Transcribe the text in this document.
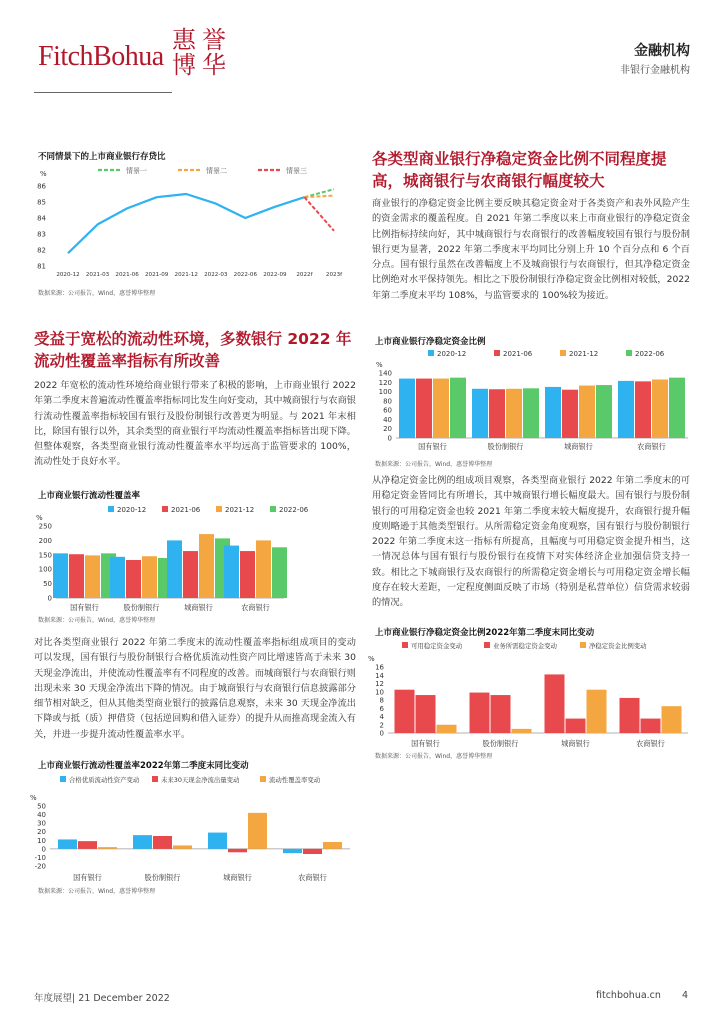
FitchBohua
惠誉博华	金融机构
非银行金融机构
不同情景下的上市商业银行存贷比
%
81
82
83
84
85
86
2020-12 2021-03 2021-06 2021-09 2021-12 2022-03 2022-06 2022-09 2022f 2023f
情景一	情景二	情景三
数据来源：公司报告，Wind，惠誉博华整理
受益于宽松的流动性环境，多数银行 2022 年流动性覆盖率指标有所改善
2022 年宽松的流动性环境给商业银行带来了积极的影响，上市商业银行 2022 年第二季度末普遍流动性覆盖率指标同比发生向好变动，其中城商银行与农商银行流动性覆盖率指标较国有银行及股份制银行改善更为明显。与 2021 年末相比，除国有银行以外，其余类型的商业银行平均流动性覆盖率指标皆出现下降。但整体观察，各类型商业银行流动性覆盖率水平均远高于监管要求的 100%，流动性处于良好水平。
上市商业银行流动性覆盖率
%
0
50
100
150
200
250
国有银行	股份制银行	城商银行	农商银行
2020-12	2021-06	2021-12	2022-06
数据来源：公司报告，Wind，惠誉博华整理
对比各类型商业银行 2022 年第二季度末的流动性覆盖率指标组成项目的变动可以发现，国有银行与股份制银行合格优质流动性资产同比增速皆高于未来 30 天现金净流出，并使流动性覆盖率有不同程度的改善。而城商银行与农商银行则出现未来 30 天现金净流出下降的情况。由于城商银行与农商银行信息披露部分细节相对缺乏，但从其他类型商业银行的披露信息观察，未来 30 天现金净流出下降或与抵（质）押借贷（包括逆回购和借入证券）的提升从而推高现金流入有关，并进一步提升流动性覆盖率水平。
上市商业银行流动性覆盖率2022年第二季度末同比变动
%
-20
-10
0
10
20
30
40
50
国有银行	股份制银行	城商银行	农商银行
合格优质流动性资产变动	未来30天现金净流出量变动	流动性覆盖率变动
数据来源：公司报告，Wind，惠誉博华整理
各类型商业银行净稳定资金比例不同程度提高，城商银行与农商银行幅度较大
商业银行的净稳定资金比例主要反映其稳定资金对于各类资产和表外风险产生的资金需求的覆盖程度。自 2021 年第二季度以来上市商业银行的净稳定资金比例指标持续向好，其中城商银行与农商银行的改善幅度较国有银行与股份制银行更为显著，2022 年第二季度末平均同比分别上升 10 个百分点和 6 个百分点。国有银行虽然在改善幅度上不及城商银行与农商银行，但其净稳定资金比例绝对水平保持领先。相比之下股份制银行净稳定资金比例相对较低，2022 年第二季度末平均 108%，与监管要求的 100%较为接近。
上市商业银行净稳定资金比例
%
0
20
40
60
80
100
120
140
国有银行	股份制银行	城商银行	农商银行
2020-12	2021-06	2021-12	2022-06
数据来源：公司报告，Wind，惠誉博华整理
从净稳定资金比例的组成项目观察，各类型商业银行 2022 年第二季度末的可用稳定资金皆同比有所增长，其中城商银行增长幅度最大。国有银行与股份制银行的可用稳定资金也较 2021 年第二季度末较大幅度提升，农商银行提升幅度则略逊于其他类型银行。从所需稳定资金角度观察，国有银行与股份制银行 2022 年第二季度末这一指标有所提高，且幅度与可用稳定资金提升相当，这一情况总体与国有银行与股份银行在疫情下对实体经济企业加强信贷支持一致。相比之下城商银行及农商银行的所需稳定资金增长与可用稳定资金增长幅度存在较大差距，一定程度侧面反映了市场（特别是私营单位）信贷需求较弱的情况。
上市商业银行净稳定资金比例2022年第二季度末同比变动
%
0
2
4
6
8
10
12
14
16
国有银行	股份制银行	城商银行	农商银行
可用稳定资金变动	业务所需稳定资金变动	净稳定资金比例变动
数据来源：公司报告，Wind，惠誉博华整理
年度展望| 21 December 2022	fitchbohua.cn 4
